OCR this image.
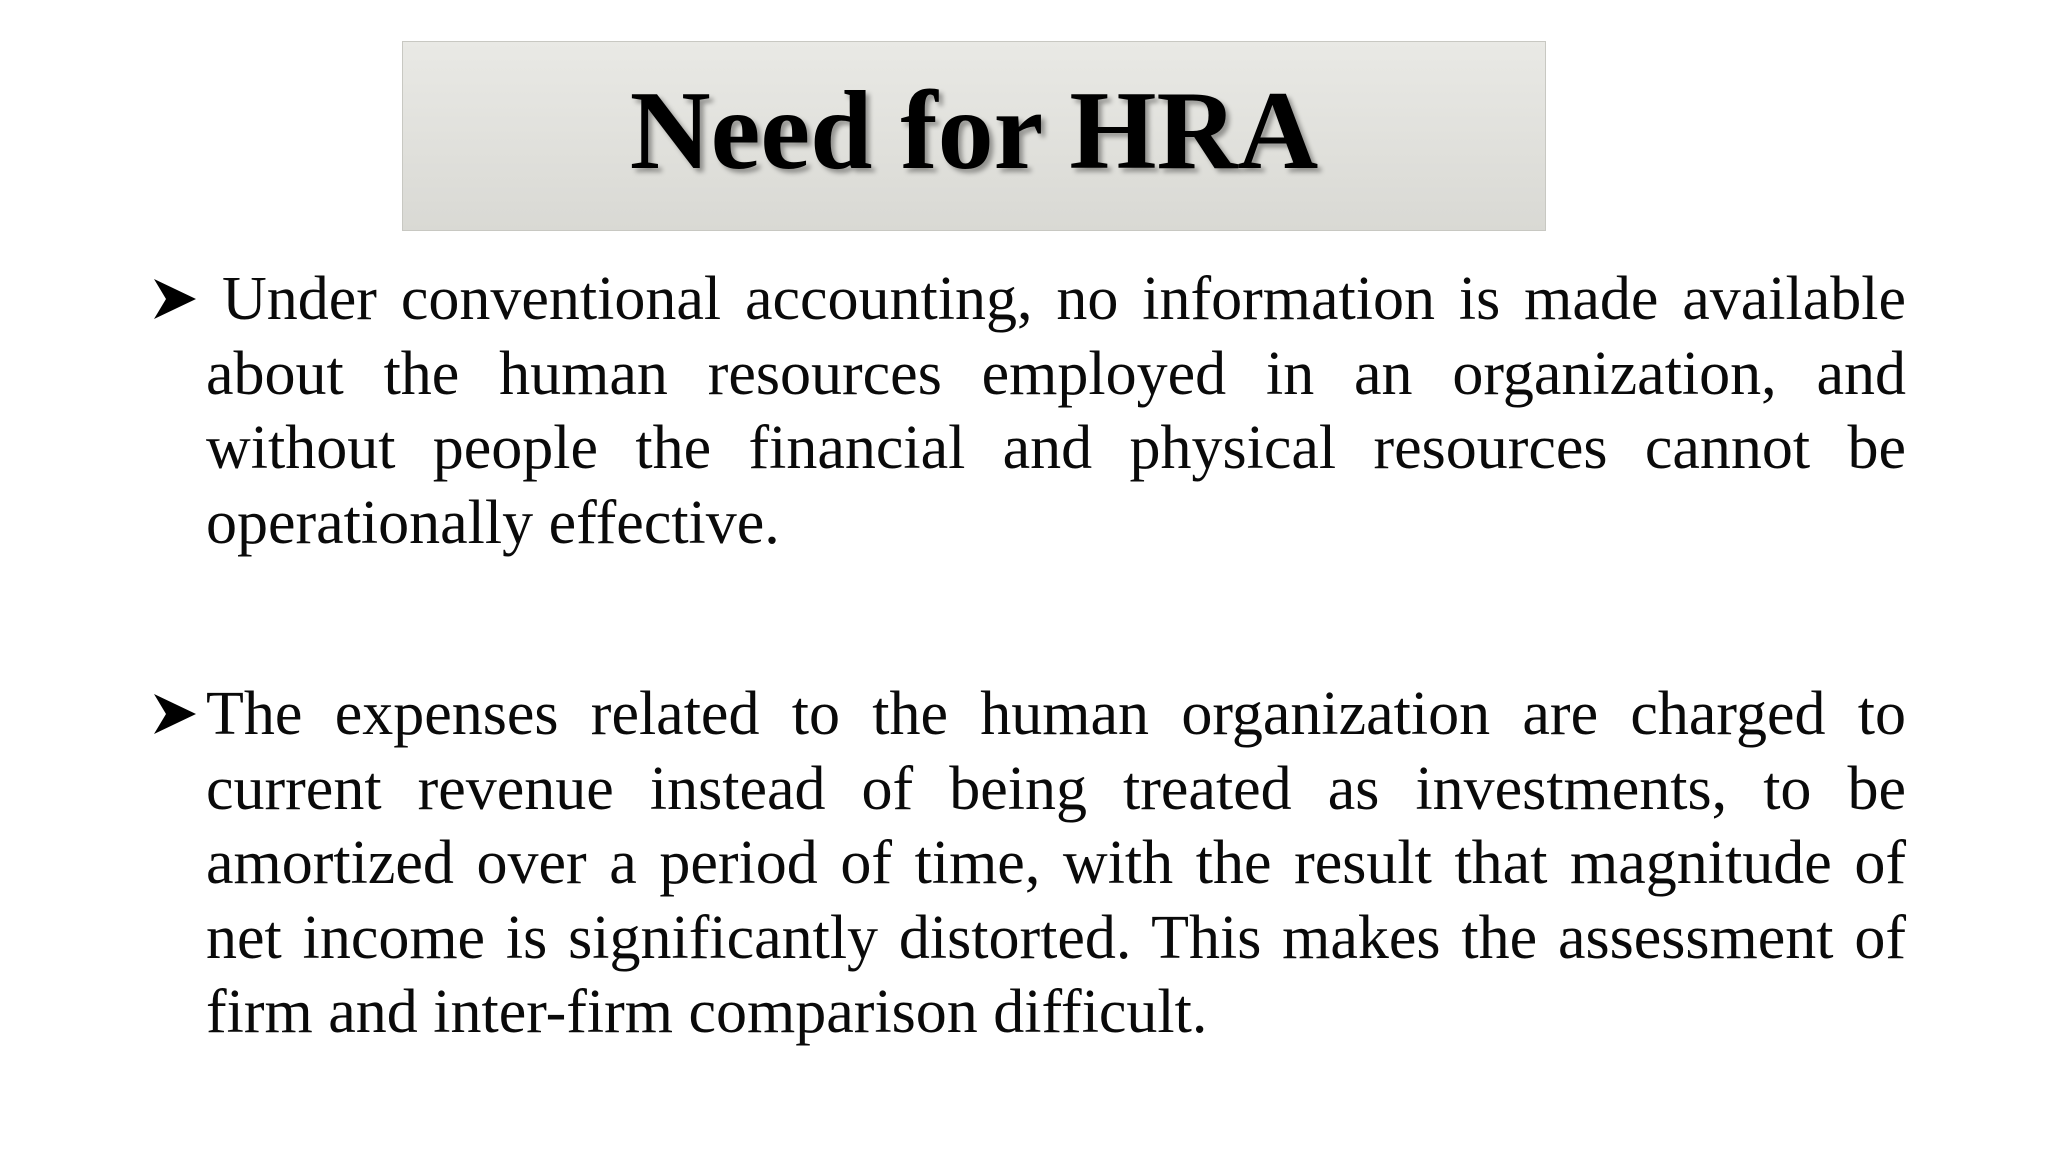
Need for HRA

Under conventional accounting, no information is made available about the human resources employed in an organization, and without people the financial and physical resources cannot be operationally effective.

The expenses related to the human organization are charged to current revenue instead of being treated as investments, to be amortized over a period of time, with the result that magnitude of net income is significantly distorted. This makes the assessment of firm and inter-firm comparison difficult.
